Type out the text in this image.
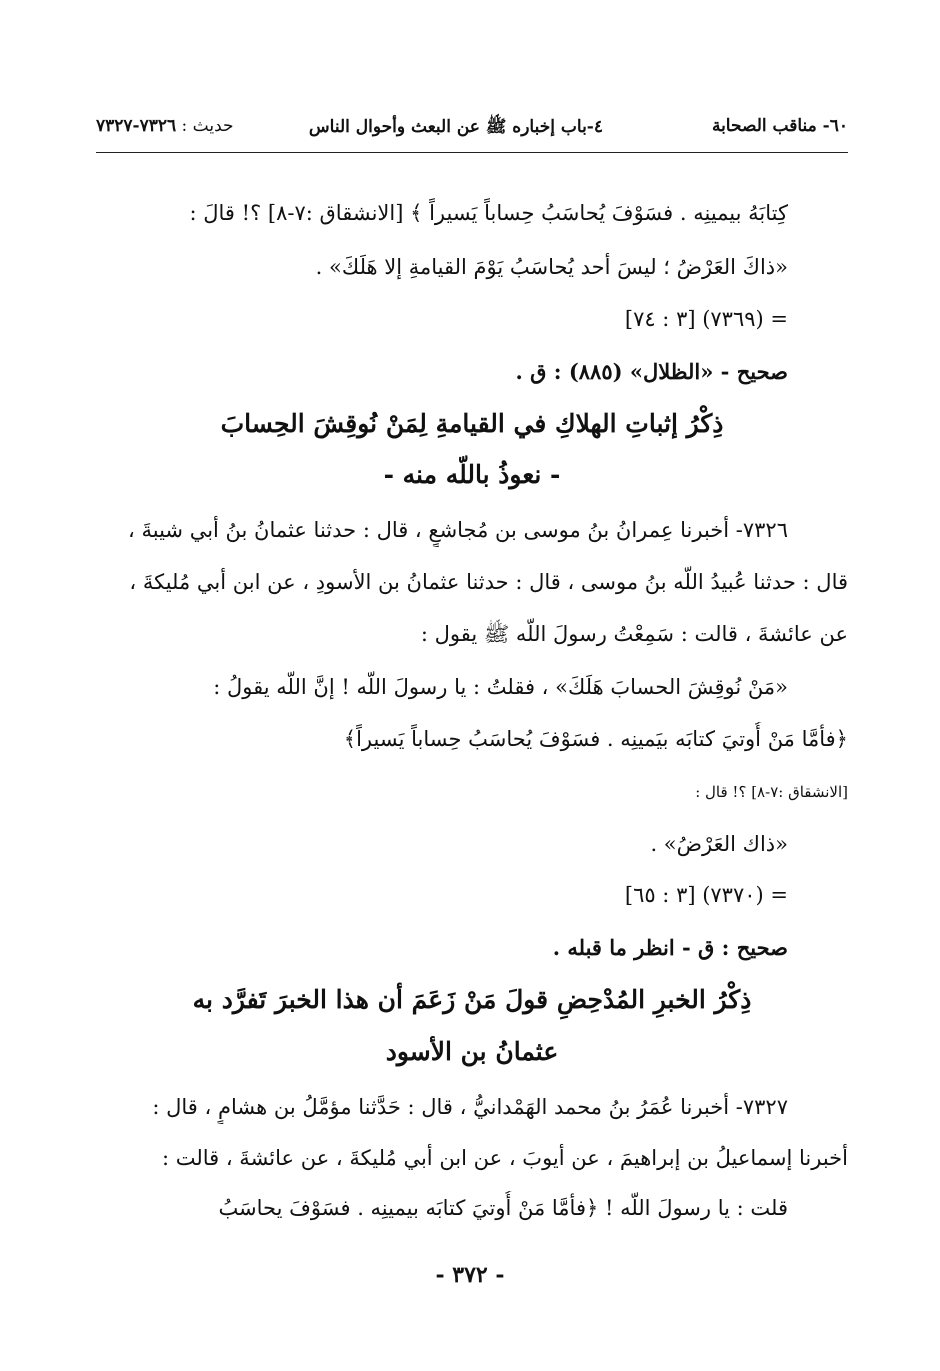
٦٠- مناقب الصحابة
٤-باب إخباره ﷺ عن البعث وأحوال الناس
حديث : ٧٣٢٦-٧٣٢٧
كِتابَهُ بيمينِه . فسَوْفَ يُحاسَبُ حِساباً يَسيراً ﴾ [الانشقاق :٧-٨] ؟! قالَ :
«ذاكَ العَرْضُ ؛ ليسَ أحد يُحاسَبُ يَوْمَ القيامةِ إلا هَلَكَ» .
= (٧٣٦٩) [٣ : ٧٤]
صحيح - «الظلال» (٨٨٥) : ق .
ذِكْرُ إثباتِ الهلاكِ في القيامةِ لِمَنْ نُوقِشَ الحِسابَ
- نعوذُ باللّه منه -
٧٣٢٦- أخبرنا عِمرانُ بنُ موسى بن مُجاشعٍ ، قال : حدثنا عثمانُ بنُ أبي شيبةَ ،
قال : حدثنا عُبيدُ اللّه بنُ موسى ، قال : حدثنا عثمانُ بن الأسودِ ، عن ابن أبي مُليكةَ ،
عن عائشةَ ، قالت : سَمِعْتُ رسولَ اللّه ﷺ يقول :
«مَنْ نُوقِشَ الحسابَ هَلَكَ» ، فقلتُ : يا رسولَ اللّه ! إنَّ اللّه يقولُ :
﴿فأمَّا مَنْ أُوتيَ كتابَه بيَمينِه . فسَوْفَ يُحاسَبُ حِساباً يَسيراً﴾
[الانشقاق :٧-٨] ؟! قال :
«ذاك العَرْضُ» .
= (٧٣٧٠) [٣ : ٦٥]
صحيح : ق - انظر ما قبله .
ذِكْرُ الخبرِ المُدْحِضِ قولَ مَنْ زَعَمَ أن هذا الخبرَ تَفرَّد به
عثمانُ بن الأسود
٧٣٢٧- أخبرنا عُمَرُ بنُ محمد الهَمْدانيُّ ، قال : حَدَّثنا مؤمَّلُ بن هشامٍ ، قال :
أخبرنا إسماعيلُ بن إبراهيمَ ، عن أيوبَ ، عن ابن أبي مُليكةَ ، عن عائشةَ ، قالت :
قلت : يا رسولَ اللّه ! ﴿فأمَّا مَنْ أُوتيَ كتابَه بيمينِه . فسَوْفَ يحاسَبُ
- ٣٧٢ -
